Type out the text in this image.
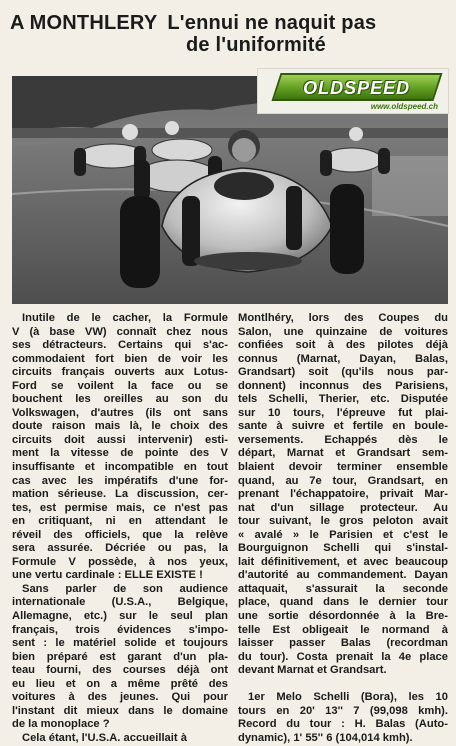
A MONTHLERY L'ennui ne naquit pas
de l'uniformité
OLDSPEED
www.oldspeed.ch
Inutile de le cacher, la Formule
V (à base VW) connaît chez nous
ses détracteurs. Certains qui s'ac-
commodaient fort bien de voir les
circuits français ouverts aux Lotus-
Ford se voilent la face ou se
bouchent les oreilles au son du
Volkswagen, d'autres (ils ont sans
doute raison mais là, le choix des
circuits doit aussi intervenir) esti-
ment la vitesse de pointe des V
insuffisante et incompatible en tout
cas avec les impératifs d'une for-
mation sérieuse. La discussion, cer-
tes, est permise mais, ce n'est pas
en critiquant, ni en attendant le
réveil des officiels, que la relève
sera assurée. Décriée ou pas, la
Formule V possède, à nos yeux,
une vertu cardinale : ELLE EXISTE !
Sans parler de son audience
internationale (U.S.A., Belgique,
Allemagne, etc.) sur le seul plan
français, trois évidences s'impo-
sent : le matériel solide et toujours
bien préparé est garant d'un pla-
teau fourni, des courses déjà ont
eu lieu et on a même prêté des
voitures à des jeunes. Qui pour
l'instant dit mieux dans le domaine
de la monoplace ?
Cela étant, l'U.S.A. accueillait à
Montlhéry, lors des Coupes du
Salon, une quinzaine de voitures
confiées soit à des pilotes déjà
connus (Marnat, Dayan, Balas,
Grandsart) soit (qu'ils nous par-
donnent) inconnus des Parisiens,
tels Schelli, Therier, etc. Disputée
sur 10 tours, l'épreuve fut plai-
sante à suivre et fertile en boule-
versements. Echappés dès le
départ, Marnat et Grandsart sem-
blaient devoir terminer ensemble
quand, au 7e tour, Grandsart, en
prenant l'échappatoire, privait Mar-
nat d'un sillage protecteur. Au
tour suivant, le gros peloton avait
« avalé » le Parisien et c'est le
Bourguignon Schelli qui s'instal-
lait définitivement, et avec beaucoup
d'autorité au commandement. Dayan
attaquait, s'assurait la seconde
place, quand dans le dernier tour
une sortie désordonnée à la Bre-
telle Est obligeait le normand à
laisser passer Balas (recordman
du tour). Costa prenait la 4e place
devant Marnat et Grandsart.

1er Melo Schelli (Bora), les 10
tours en 20' 13'' 7 (99,098 kmh).
Record du tour : H. Balas (Auto-
dynamic), 1' 55'' 6 (104,014 kmh).
